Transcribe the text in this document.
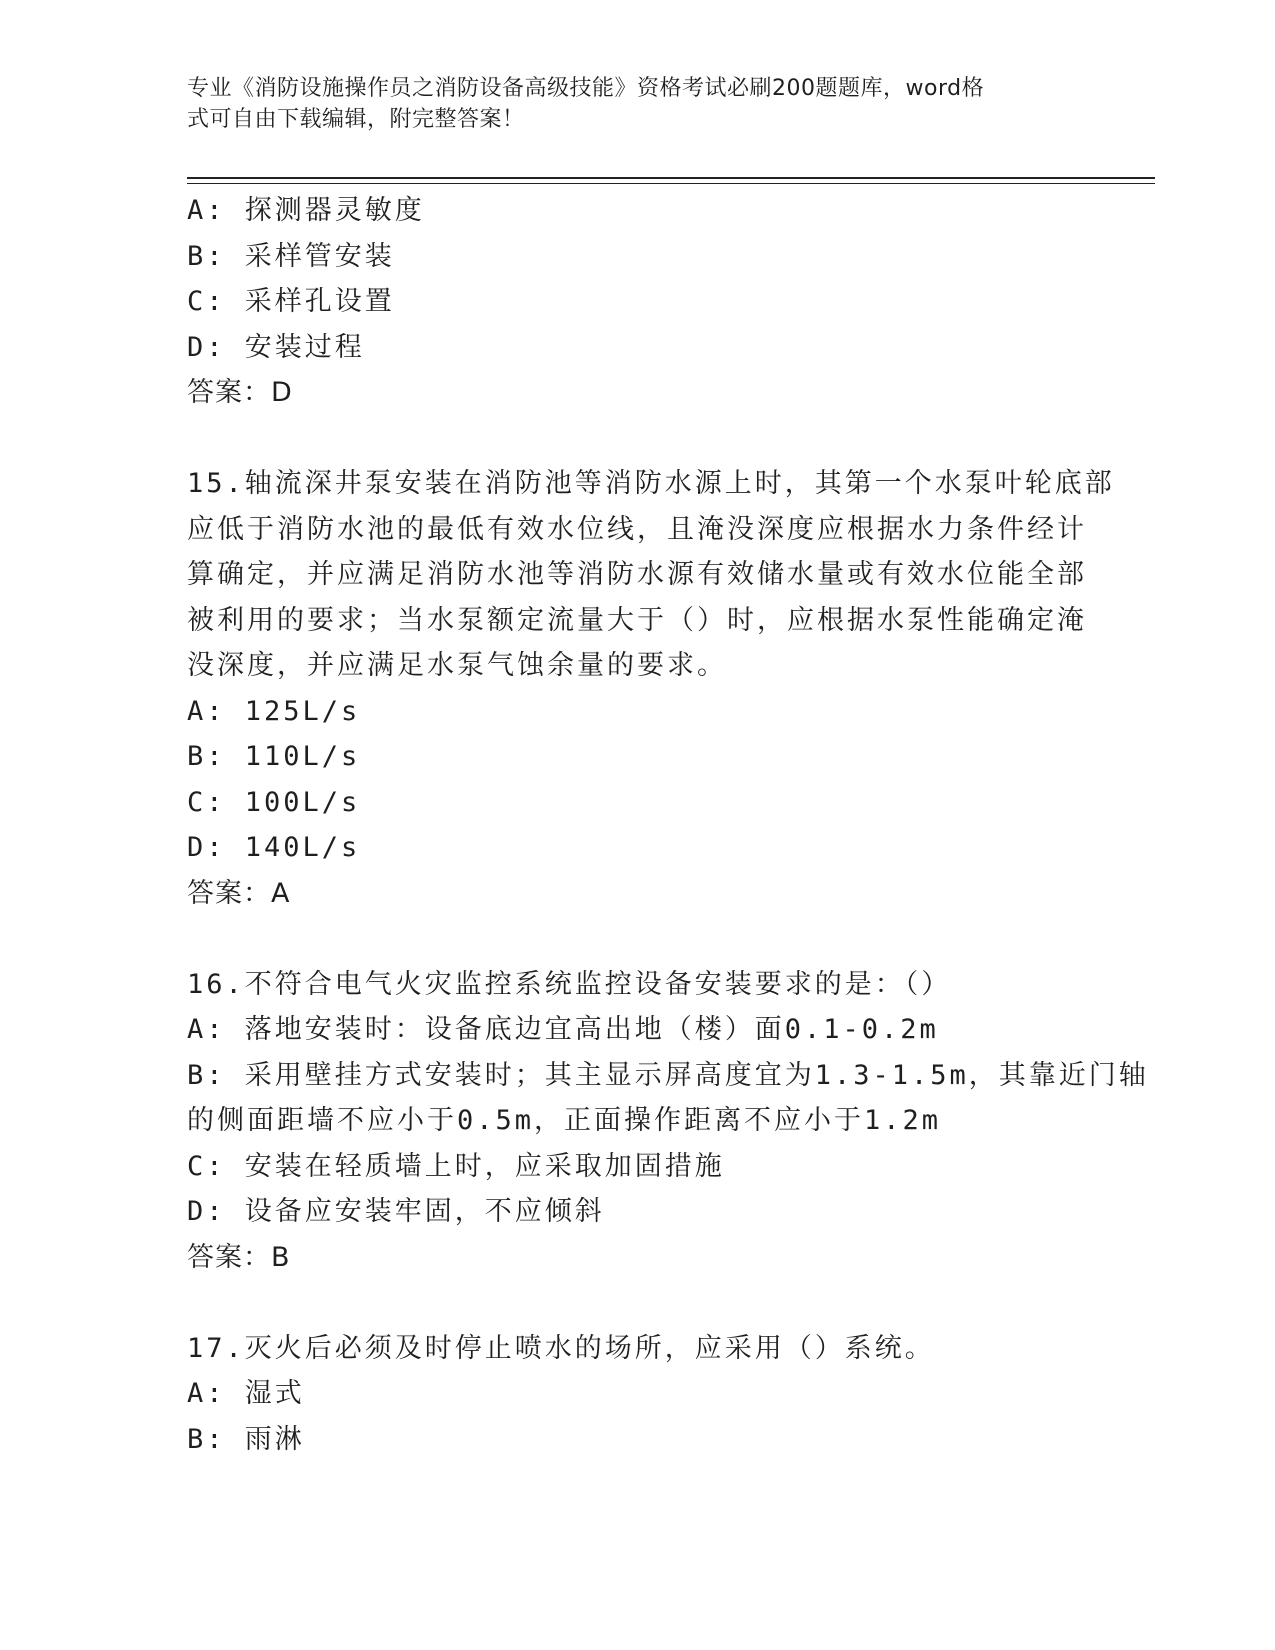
专业《消防设施操作员之消防设备高级技能》资格考试必刷200题题库，word格
式可自由下载编辑，附完整答案！
A: 探测器灵敏度
B: 采样管安装
C: 采样孔设置
D: 安装过程
答案：D
15.轴流深井泵安装在消防池等消防水源上时，其第一个水泵叶轮底部
应低于消防水池的最低有效水位线，且淹没深度应根据水力条件经计
算确定，并应满足消防水池等消防水源有效储水量或有效水位能全部
被利用的要求；当水泵额定流量大于（）时，应根据水泵性能确定淹
没深度，并应满足水泵气蚀余量的要求。
A: 125L/s
B: 110L/s
C: 100L/s
D: 140L/s
答案：A
16.不符合电气火灾监控系统监控设备安装要求的是：（）
A: 落地安装时：设备底边宜高出地（楼）面0.1-0.2m
B: 采用壁挂方式安装时；其主显示屏高度宜为1.3-1.5m，其靠近门轴
的侧面距墙不应小于0.5m，正面操作距离不应小于1.2m
C: 安装在轻质墙上时，应采取加固措施
D: 设备应安装牢固，不应倾斜
答案：B
17.灭火后必须及时停止喷水的场所，应采用（）系统。
A: 湿式
B: 雨淋
